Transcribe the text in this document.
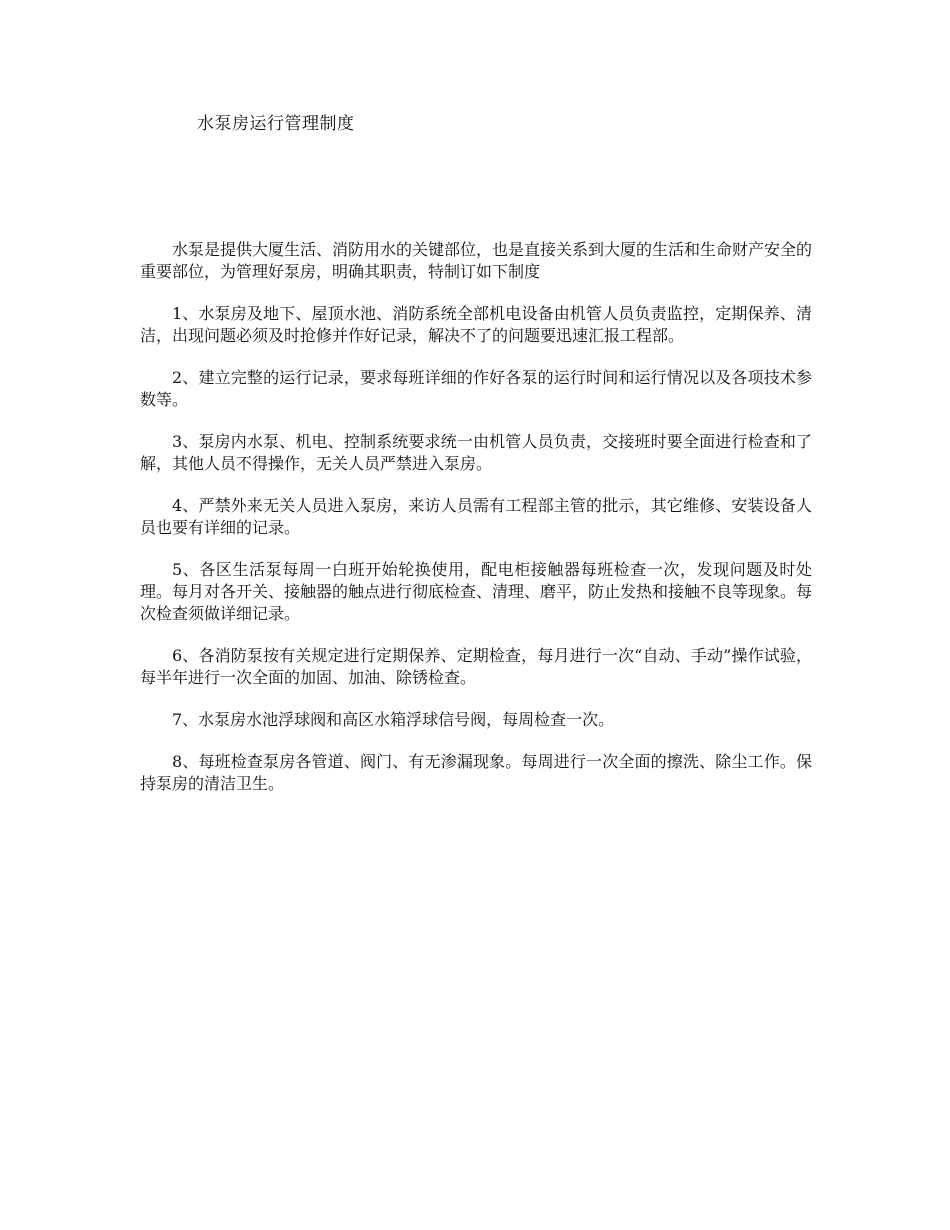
水泵房运行管理制度

水泵是提供大厦生活、消防用水的关键部位，也是直接关系到大厦的生活和生命财产安全的重要部位，为管理好泵房，明确其职责，特制订如下制度

1、水泵房及地下、屋顶水池、消防系统全部机电设备由机管人员负责监控，定期保养、清洁，出现问题必须及时抢修并作好记录，解决不了的问题要迅速汇报工程部。

2、建立完整的运行记录，要求每班详细的作好各泵的运行时间和运行情况以及各项技术参数等。

3、泵房内水泵、机电、控制系统要求统一由机管人员负责，交接班时要全面进行检查和了解，其他人员不得操作，无关人员严禁进入泵房。

4、严禁外来无关人员进入泵房，来访人员需有工程部主管的批示，其它维修、安装设备人员也要有详细的记录。

5、各区生活泵每周一白班开始轮换使用，配电柜接触器每班检查一次，发现问题及时处理。每月对各开关、接触器的触点进行彻底检查、清理、磨平，防止发热和接触不良等现象。每次检查须做详细记录。

6、各消防泵按有关规定进行定期保养、定期检查，每月进行一次“自动、手动”操作试验，每半年进行一次全面的加固、加油、除锈检查。

7、水泵房水池浮球阀和高区水箱浮球信号阀，每周检查一次。

8、每班检查泵房各管道、阀门、有无渗漏现象。每周进行一次全面的擦洗、除尘工作。保持泵房的清洁卫生。
